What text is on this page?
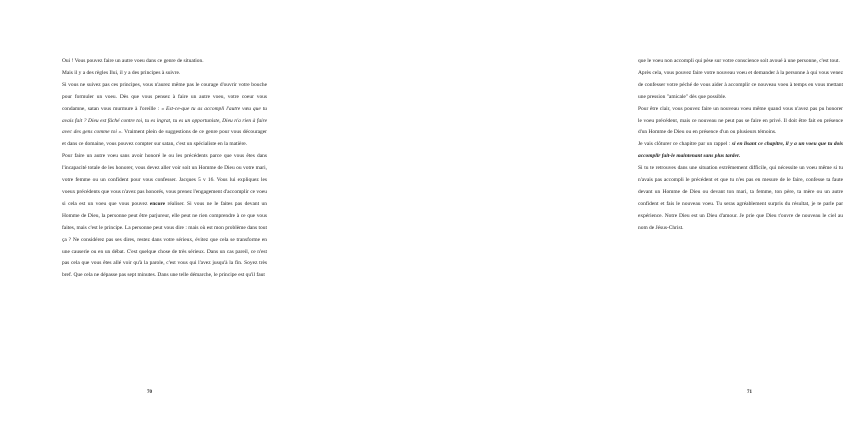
Oui ! Vous pouvez faire un autre voeu dans ce genre de situation.

Mais il y a des règles Ilui, il y a des principes à suivre.

Si vous ne suivez pas ces principes, vous n'aurez même pas le courage d'ouvrir votre bouche pour formuler un voeu. Dès que vous pensez à faire un autre voeu, votre coeur vous condamne, satan vous murmure à l'oreille : « Est-ce-que tu as accompli l'autre vœu que tu avais fait ? Dieu est fâché contre toi, tu es ingrat, tu es un opportuniste, Dieu n'a rien à faire avec des gens comme toi ». Vraiment plein de suggestions de ce genre pour vous décourager et dans ce domaine, vous pouvez compter sur satan, c'est un spécialiste en la matière.

Pour faire un autre voeu sans avoir honoré le ou les précédents parce que vous êtes dans l'incapacité totale de les honorer, vous devez aller voir soit un Homme de Dieu ou votre mari, votre femme ou un confident pour vous confesser. Jacques 5 v 16. Vous lui expliquez les voeux précédents que vous n'avez pas honorés, vous prenez l'engagement d'accomplir ce voeu si cela est un voeu que vous pouvez encore réaliser. Si vous ne le faites pas devant un Homme de Dieu, la personne peut être parjureur, elle peut ne rien comprendre à ce que vous faites, mais c'est le principe. La personne peut vous dire : mais où est mon problème dans tout ça ? Ne considérez pas ses dires, restez dans votre sérieux, évitez que cela se transforme en une causerie ou en un débat. C'est quelque chose de très sérieux. Dans un cas pareil, ce n'est pas cela que vous êtes allé voir qu'à la parole, c'est vous qui l'avez jusqu'à la fin. Soyez très bref. Que cela ne dépasse pas sept minutes. Dans une telle démarche, le principe est qu'il faut

70

que le voeu non accompli qui pèse sur votre conscience soit avoué à une personne, c'est tout.

Après cela, vous pouvez faire votre nouveau voeu et demander à la personne à qui vous venez de confesser votre péché de vous aider à accomplir ce nouveau voeu à temps en vous mettant une pression "amicale" dès que possible.

Pour être clair, vous pouvez faire un nouveau voeu même quand vous n'avez pas pu honorer le voeu précédent, mais ce nouveau ne peut pas se faire en privé. Il doit être fait en présence d'un Homme de Dieu ou en présence d'un ou plusieurs témoins.

Je vais clôturer ce chapitre par un rappel : si en lisant ce chapitre, il y a un voeu que tu dois accomplir fait-le maintenant sans plus tarder.

Si tu te retrouves dans une situation extrêmement difficile, qui nécessite un voeu même si tu n'avais pas accompli le précédent et que tu n'es pas en mesure de le faire, confesse ta faute devant un Homme de Dieu ou devant ton mari, ta femme, ton père, ta mère ou un autre confident et fais le nouveau voeu. Tu seras agréablement surpris du résultat, je te parle par expérience. Notre Dieu est un Dieu d'amour. Je prie que Dieu t'ouvre de nouveau le ciel au nom de Jésus-Christ.

71
